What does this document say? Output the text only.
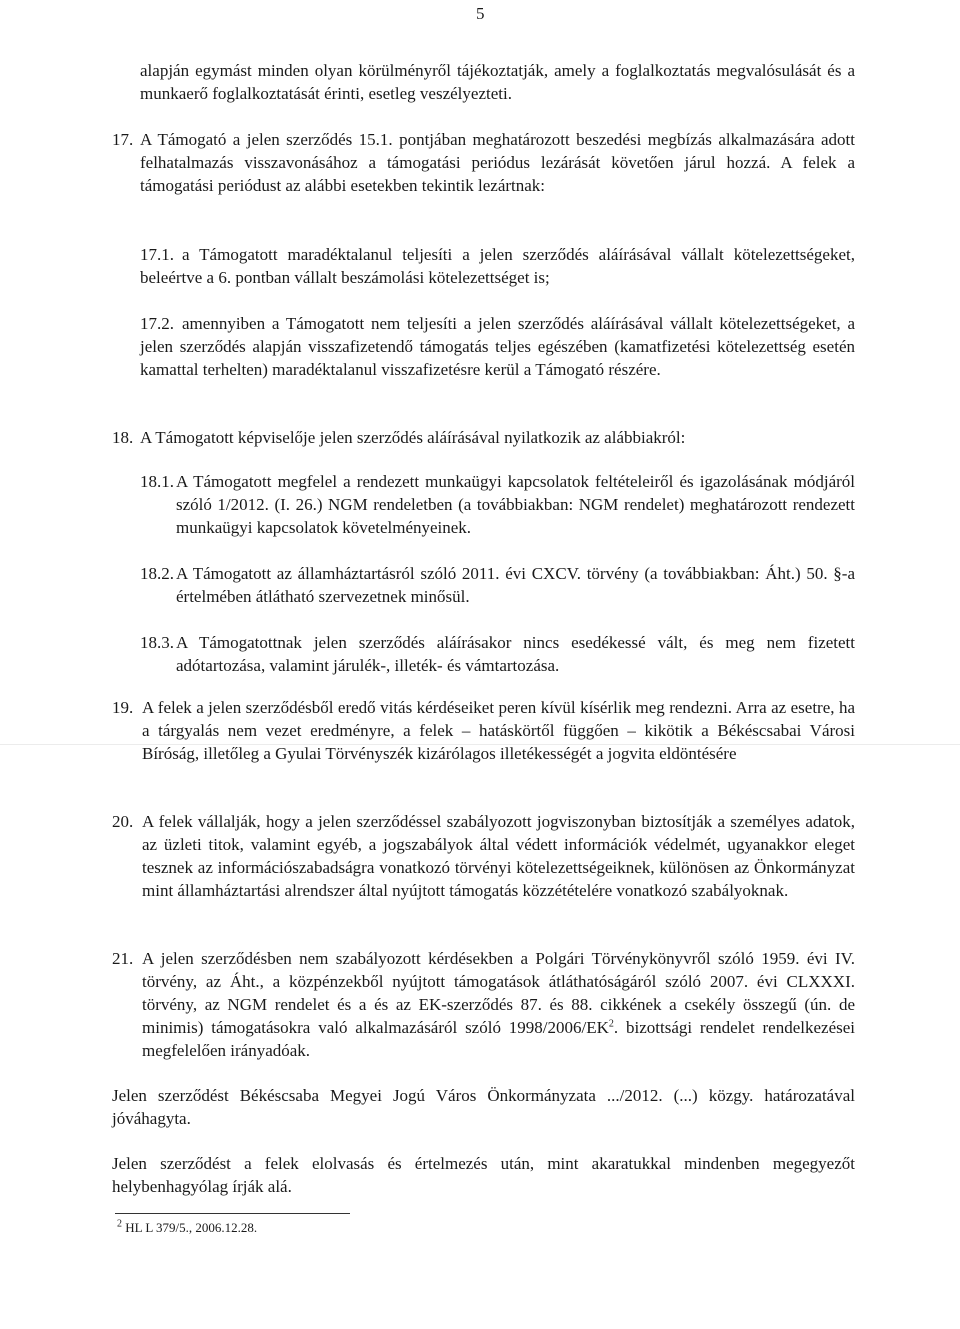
5
alapján egymást minden olyan körülményről tájékoztatják, amely a foglalkoztatás megvalósulását és a munkaerő foglalkoztatását érinti, esetleg veszélyezteti.
17. A Támogató a jelen szerződés 15.1. pontjában meghatározott beszedési megbízás alkalmazására adott felhatalmazás visszavonásához a támogatási periódus lezárását követően járul hozzá. A felek a támogatási periódust az alábbi esetekben tekintik lezártnak:
17.1. a Támogatott maradéktalanul teljesíti a jelen szerződés aláírásával vállalt kötelezettségeket, beleértve a 6. pontban vállalt beszámolási kötelezettséget is;
17.2. amennyiben a Támogatott nem teljesíti a jelen szerződés aláírásával vállalt kötelezettségeket, a jelen szerződés alapján visszafizetendő támogatás teljes egészében (kamatfizetési kötelezettség esetén kamattal terhelten) maradéktalanul visszafizetésre kerül a Támogató részére.
18. A Támogatott képviselője jelen szerződés aláírásával nyilatkozik az alábbiakról:
18.1. A Támogatott megfelel a rendezett munkaügyi kapcsolatok feltételeiről és igazolásának módjáról szóló 1/2012. (I. 26.) NGM rendeletben (a továbbiakban: NGM rendelet) meghatározott rendezett munkaügyi kapcsolatok követelményeinek.
18.2. A Támogatott az államháztartásról szóló 2011. évi CXCV. törvény (a továbbiakban: Áht.) 50. §-a értelmében átlátható szervezetnek minősül.
18.3. A Támogatottnak jelen szerződés aláírásakor nincs esedékessé vált, és meg nem fizetett adótartozása, valamint járulék-, illeték- és vámtartozása.
19. A felek a jelen szerződésből eredő vitás kérdéseiket peren kívül kísérlik meg rendezni. Arra az esetre, ha a tárgyalás nem vezet eredményre, a felek – hatáskörtől függően – kikötik a Békéscsabai Városi Bíróság, illetőleg a Gyulai Törvényszék kizárólagos illetékességét a jogvita eldöntésére
20. A felek vállalják, hogy a jelen szerződéssel szabályozott jogviszonyban biztosítják a személyes adatok, az üzleti titok, valamint egyéb, a jogszabályok által védett információk védelmét, ugyanakkor eleget tesznek az információszabadságra vonatkozó törvényi kötelezettségeiknek, különösen az Önkormányzat mint államháztartási alrendszer által nyújtott támogatás közzétételére vonatkozó szabályoknak.
21. A jelen szerződésben nem szabályozott kérdésekben a Polgári Törvénykönyvről szóló 1959. évi IV. törvény, az Áht., a közpénzekből nyújtott támogatások átláthatóságáról szóló 2007. évi CLXXXI. törvény, az NGM rendelet és a és az EK-szerződés 87. és 88. cikkének a csekély összegű (ún. de minimis) támogatásokra való alkalmazásáról szóló $1998/2006/EK^2$. bizottsági rendelet rendelkezései megfelelően irányadóak.
Jelen szerződést Békéscsaba Megyei Jogú Város Önkormányzata .../2012. (...) közgy. határozatával jóváhagyta.
Jelen szerződést a felek elolvasás és értelmezés után, mint akaratukkal mindenben megegyezőt helybenhagyólag írják alá.
$^2$ HL L 379/5., 2006.12.28.
